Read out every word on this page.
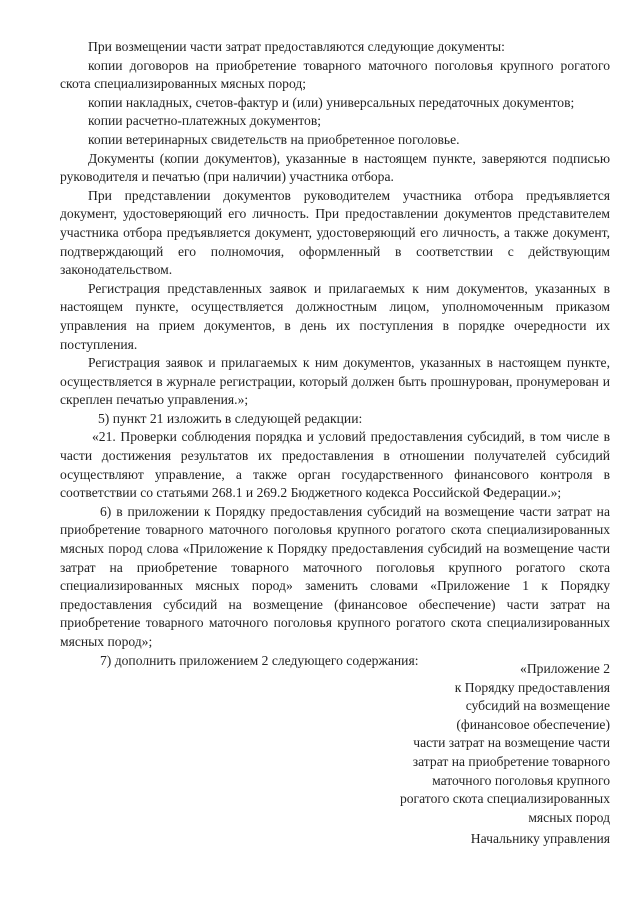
При возмещении части затрат предоставляются следующие документы:

копии договоров на приобретение товарного маточного поголовья крупного рогатого скота специализированных мясных пород;

копии накладных, счетов-фактур и (или) универсальных передаточных документов;

копии расчетно-платежных документов;

копии ветеринарных свидетельств на приобретенное поголовье.

Документы (копии документов), указанные в настоящем пункте, заверяются подписью руководителя и печатью (при наличии) участника отбора.

При представлении документов руководителем участника отбора предъявляется документ, удостоверяющий его личность. При предоставлении документов представителем участника отбора предъявляется документ, удостоверяющий его личность, а также документ, подтверждающий его полномочия, оформленный в соответствии с действующим законодательством.

Регистрация представленных заявок и прилагаемых к ним документов, указанных в настоящем пункте, осуществляется должностным лицом, уполномоченным приказом управления на прием документов, в день их поступления в порядке очередности их поступления.

Регистрация заявок и прилагаемых к ним документов, указанных в настоящем пункте, осуществляется в журнале регистрации, который должен быть прошнурован, пронумерован и скреплен печатью управления.»;

5) пункт 21 изложить в следующей редакции:

«21. Проверки соблюдения порядка и условий предоставления субсидий, в том числе в части достижения результатов их предоставления в отношении получателей субсидий осуществляют управление, а также орган государственного финансового контроля в соответствии со статьями 268.1 и 269.2 Бюджетного кодекса Российской Федерации.»;

6) в приложении к Порядку предоставления субсидий на возмещение части затрат на приобретение товарного маточного поголовья крупного рогатого скота специализированных мясных пород слова «Приложение к Порядку предоставления субсидий на возмещение части затрат на приобретение товарного маточного поголовья крупного рогатого скота специализированных мясных пород» заменить словами «Приложение 1 к Порядку предоставления субсидий на возмещение (финансовое обеспечение) части затрат на приобретение товарного маточного поголовья крупного рогатого скота специализированных мясных пород»;

7) дополнить приложением 2 следующего содержания:

«Приложение 2

к Порядку предоставления

субсидий на возмещение

(финансовое обеспечение)

части затрат на возмещение части

затрат на приобретение товарного

маточного поголовья крупного

рогатого скота специализированных

мясных пород

Начальнику управления
